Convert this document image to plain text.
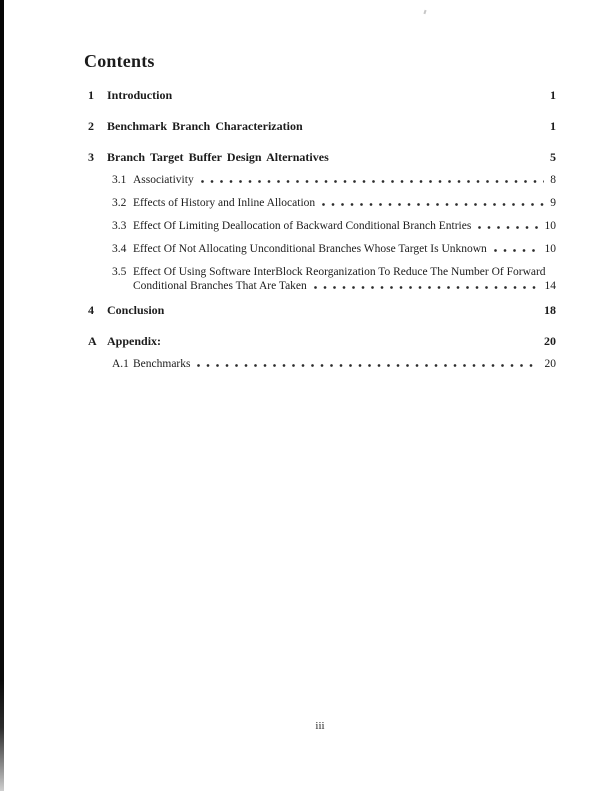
Contents
1	Introduction	1
2	Benchmark Branch Characterization	1
3	Branch Target Buffer Design Alternatives	5
3.1 Associativity	8
3.2 Effects of History and Inline Allocation	9
3.3 Effect Of Limiting Deallocation of Backward Conditional Branch Entries	10
3.4 Effect Of Not Allocating Unconditional Branches Whose Target Is Unknown	10
3.5 Effect Of Using Software InterBlock Reorganization To Reduce The Number Of Forward
Conditional Branches That Are Taken	14
4	Conclusion	18
A Appendix:	20
A.1 Benchmarks	20
iii
